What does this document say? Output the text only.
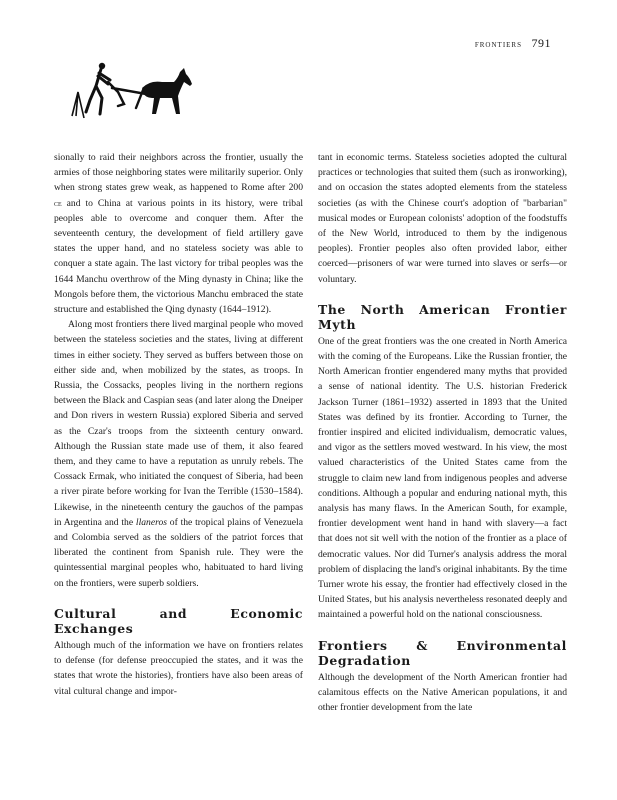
frontiers 791

sionally to raid their neighbors across the frontier, usually the armies of those neighboring states were militarily superior. Only when strong states grew weak, as happened to Rome after 200 ce and to China at various points in its history, were tribal peoples able to overcome and conquer them. After the seventeenth century, the development of field artillery gave states the upper hand, and no stateless society was able to conquer a state again. The last victory for tribal peoples was the 1644 Manchu overthrow of the Ming dynasty in China; like the Mongols before them, the victorious Manchu embraced the state structure and established the Qing dynasty (1644–1912).

Along most frontiers there lived marginal people who moved between the stateless societies and the states, living at different times in either society. They served as buffers between those on either side and, when mobilized by the states, as troops. In Russia, the Cossacks, peoples living in the northern regions between the Black and Caspian seas (and later along the Dneiper and Don rivers in western Russia) explored Siberia and served as the Czar's troops from the sixteenth century onward. Although the Russian state made use of them, it also feared them, and they came to have a reputation as unruly rebels. The Cossack Ermak, who initiated the conquest of Siberia, had been a river pirate before working for Ivan the Terrible (1530–1584). Likewise, in the nineteenth century the gauchos of the pampas in Argentina and the llaneros of the tropical plains of Venezuela and Colombia served as the soldiers of the patriot forces that liberated the continent from Spanish rule. They were the quintessential marginal peoples who, habituated to hard living on the frontiers, were superb soldiers.

Cultural and Economic Exchanges

Although much of the information we have on frontiers relates to defense (for defense preoccupied the states, and it was the states that wrote the histories), frontiers have also been areas of vital cultural change and impor-

tant in economic terms. Stateless societies adopted the cultural practices or technologies that suited them (such as ironworking), and on occasion the states adopted elements from the stateless societies (as with the Chinese court's adoption of "barbarian" musical modes or European colonists' adoption of the foodstuffs of the New World, introduced to them by the indigenous peoples). Frontier peoples also often provided labor, either coerced—prisoners of war were turned into slaves or serfs—or voluntary.

The North American Frontier Myth

One of the great frontiers was the one created in North America with the coming of the Europeans. Like the Russian frontier, the North American frontier engendered many myths that provided a sense of national identity. The U.S. historian Frederick Jackson Turner (1861–1932) asserted in 1893 that the United States was defined by its frontier. According to Turner, the frontier inspired and elicited individualism, democratic values, and vigor as the settlers moved westward. In his view, the most valued characteristics of the United States came from the struggle to claim new land from indigenous peoples and adverse conditions. Although a popular and enduring national myth, this analysis has many flaws. In the American South, for example, frontier development went hand in hand with slavery—a fact that does not sit well with the notion of the frontier as a place of democratic values. Nor did Turner's analysis address the moral problem of displacing the land's original inhabitants. By the time Turner wrote his essay, the frontier had effectively closed in the United States, but his analysis nevertheless resonated deeply and maintained a powerful hold on the national consciousness.

Frontiers & Environmental Degradation

Although the development of the North American frontier had calamitous effects on the Native American populations, it and other frontier development from the late
